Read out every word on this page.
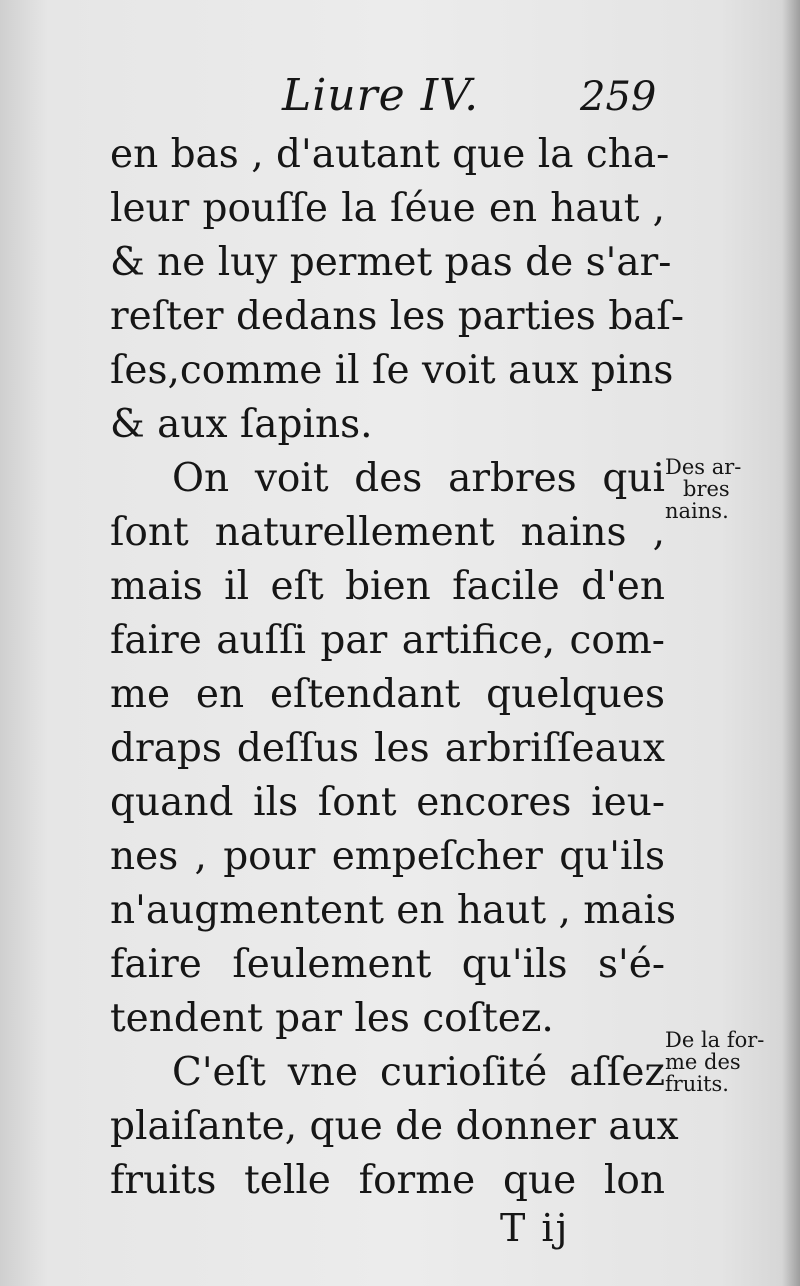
Liure IV.	259
en bas , d'autant que la cha-
leur pouſſe la ſéue en haut ,
& ne luy permet pas de s'ar-
reſter dedans les parties baſ-
ſes,comme il ſe voit aux pins
& aux ſapins.
On voit des arbres qui
ſont naturellement nains ,
mais il eſt bien facile d'en
faire auſſi par artifice, com-
me en eſtendant quelques
draps deſſus les arbriſſeaux
quand ils ſont encores ieu-
nes , pour empeſcher qu'ils
n'augmentent en haut , mais
faire ſeulement qu'ils s'é-
tendent par les coſtez.
C'eſt vne curioſité aſſez
plaiſante, que de donner aux
fruits telle forme que lon
Des ar-
bres
nains.
De la for-
me des
fruits.
T ij
